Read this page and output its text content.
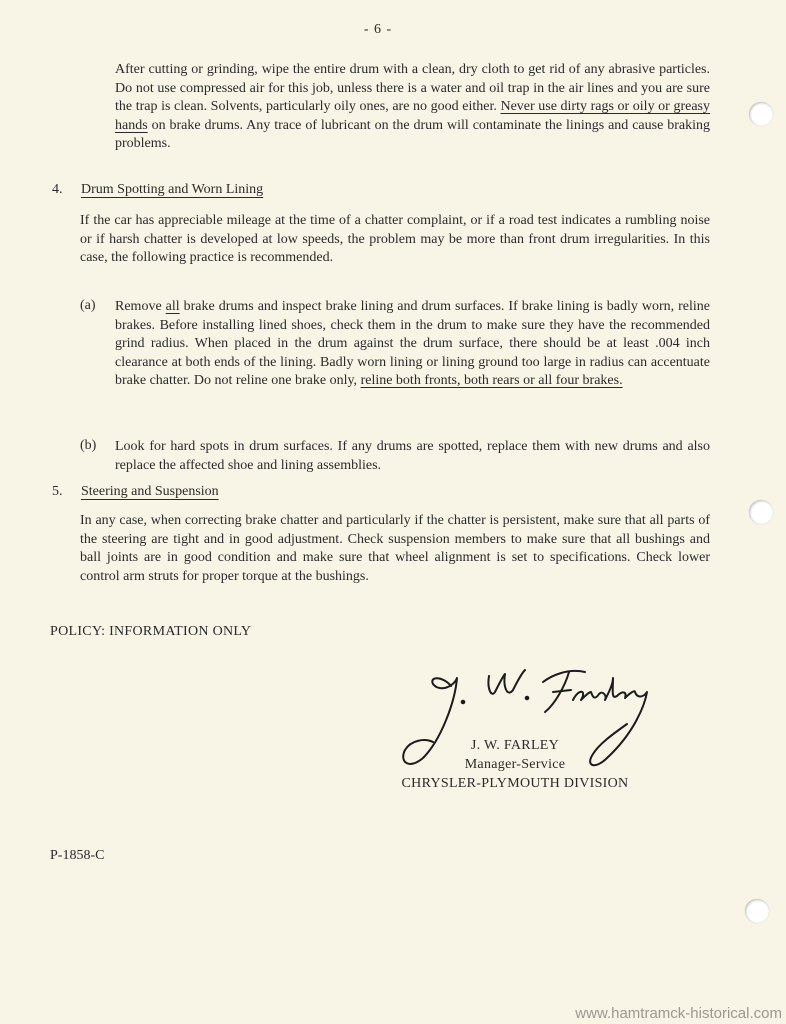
- 6 -
After cutting or grinding, wipe the entire drum with a clean, dry cloth to get rid of any abrasive particles. Do not use compressed air for this job, unless there is a water and oil trap in the air lines and you are sure the trap is clean. Solvents, particularly oily ones, are no good either. Never use dirty rags or oily or greasy hands on brake drums. Any trace of lubricant on the drum will contaminate the linings and cause braking problems.
4. Drum Spotting and Worn Lining
If the car has appreciable mileage at the time of a chatter complaint, or if a road test indicates a rumbling noise or if harsh chatter is developed at low speeds, the problem may be more than front drum irregularities. In this case, the following practice is recommended.
(a) Remove all brake drums and inspect brake lining and drum surfaces. If brake lining is badly worn, reline brakes. Before installing lined shoes, check them in the drum to make sure they have the recommended grind radius. When placed in the drum against the drum surface, there should be at least .004 inch clearance at both ends of the lining. Badly worn lining or lining ground too large in radius can accentuate brake chatter. Do not reline one brake only, reline both fronts, both rears or all four brakes.
(b) Look for hard spots in drum surfaces. If any drums are spotted, replace them with new drums and also replace the affected shoe and lining assemblies.
5. Steering and Suspension
In any case, when correcting brake chatter and particularly if the chatter is persistent, make sure that all parts of the steering are tight and in good adjustment. Check suspension members to make sure that all bushings and ball joints are in good condition and make sure that wheel alignment is set to specifications. Check lower control arm struts for proper torque at the bushings.
POLICY: INFORMATION ONLY
J. W. FARLEY
Manager-Service
CHRYSLER-PLYMOUTH DIVISION
P-1858-C
www.hamtramck-historical.com
